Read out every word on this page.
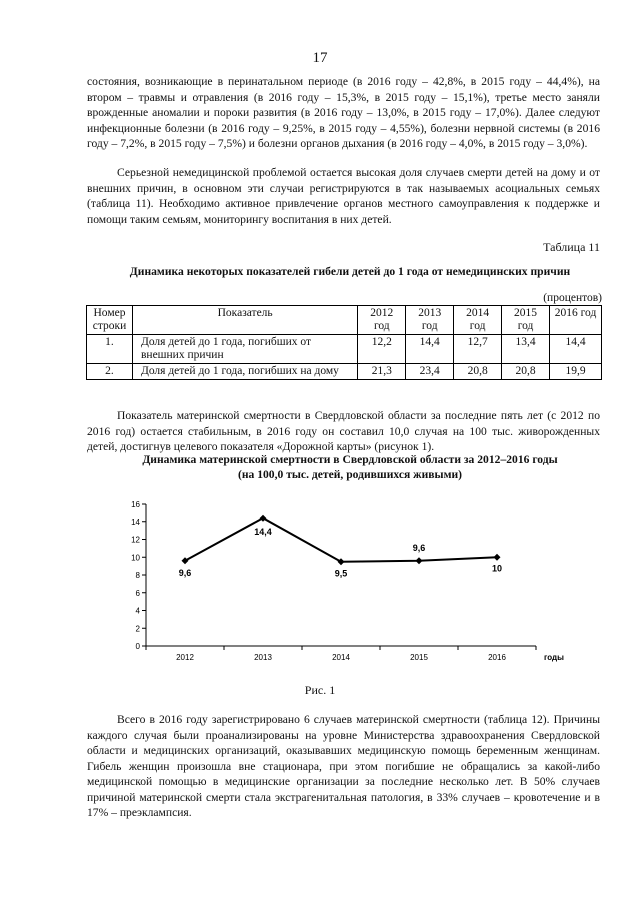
17

состояния, возникающие в перинатальном периоде (в 2016 году – 42,8%, в 2015 году – 44,4%), на втором – травмы и отравления (в 2016 году – 15,3%, в 2015 году – 15,1%), третье место заняли врожденные аномалии и пороки развития (в 2016 году – 13,0%, в 2015 году – 17,0%). Далее следуют инфекционные болезни (в 2016 году – 9,25%, в 2015 году – 4,55%), болезни нервной системы (в 2016 году – 7,2%, в 2015 году – 7,5%) и болезни органов дыхания (в 2016 году – 4,0%, в 2015 году – 3,0%).

Серьезной немедицинской проблемой остается высокая доля случаев смерти детей на дому и от внешних причин, в основном эти случаи регистрируются в так называемых асоциальных семьях (таблица 11). Необходимо активное привлечение органов местного самоуправления к поддержке и помощи таким семьям, мониторингу воспитания в них детей.

Таблица 11
Динамика некоторых показателей гибели детей до 1 года от немедицинских причин
(процентов)
Номер строки	Показатель	2012 год	2013 год	2014 год	2015 год	2016 год
1.	Доля детей до 1 года, погибших от внешних причин	12,2	14,4	12,7	13,4	14,4
2.	Доля детей до 1 года, погибших на дому	21,3	23,4	20,8	20,8	19,9

Показатель материнской смертности в Свердловской области за последние пять лет (с 2012 по 2016 год) остается стабильным, в 2016 году он составил 10,0 случая на 100 тыс. живорожденных детей, достигнув целевого показателя «Дорожной карты» (рисунок 1).

Динамика материнской смертности в Свердловской области за 2012–2016 годы
(на 100,0 тыс. детей, родившихся живыми)
0
2
4
6
8
10
12
14
16
2012	2013	2014	2015	2016	годы
9,6
14,4
9,5
9,6
10
Рис. 1

Всего в 2016 году зарегистрировано 6 случаев материнской смертности (таблица 12). Причины каждого случая были проанализированы на уровне Министерства здравоохранения Свердловской области и медицинских организаций, оказывавших медицинскую помощь беременным женщинам. Гибель женщин произошла вне стационара, при этом погибшие не обращались за какой-либо медицинской помощью в медицинские организации за последние несколько лет. В 50% случаев причиной материнской смерти стала экстрагенитальная патология, в 33% случаев – кровотечение и в 17% – преэклампсия.
